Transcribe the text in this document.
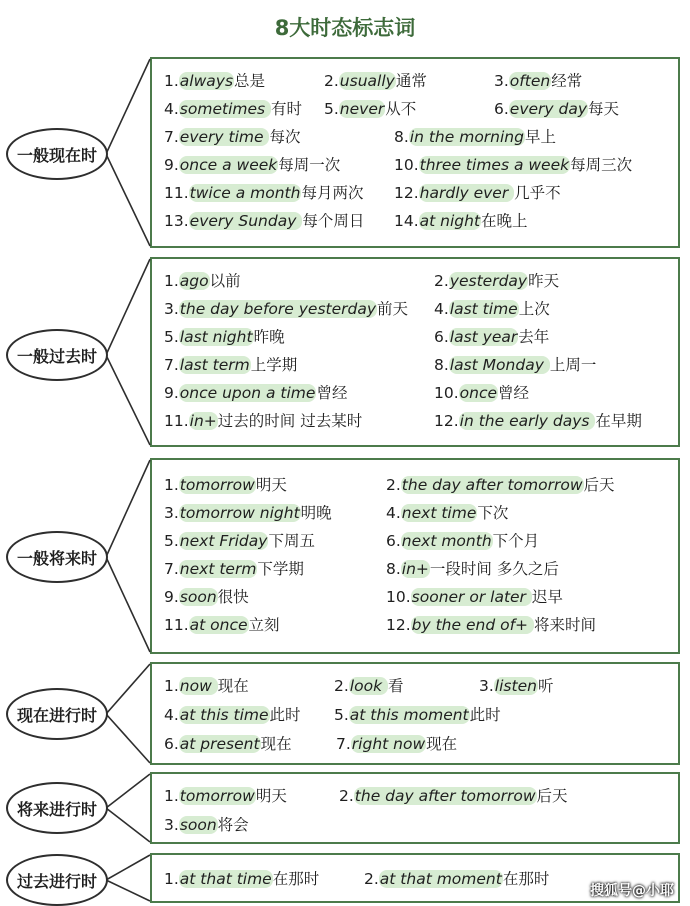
8大时态标志词
一般现在时
1.always总是	2.usually通常	3.often经常
4.sometimes 有时 5.never从不	6.every day每天
7.every time 每次	8.in the morning早上
9.once a week每周一次	10.three times a week每周三次
11.twice a month每月两次 12.hardly ever 几乎不
13.every Sunday 每个周日 14.at night在晚上
一般过去时
1.ago以前	2.yesterday昨天
3.the day before yesterday前天 4.last time上次
5.last night昨晚	6.last year去年
7.last term上学期	8.last Monday 上周一
9.once upon a time曾经	10.once曾经
11.in+过去的时间 过去某时	12.in the early days 在早期
一般将来时
1.tomorrow明天	2.the day after tomorrow后天
3.tomorrow night明晚	4.next time下次
5.next Friday下周五	6.next month下个月
7.next term下学期	8.in+一段时间 多久之后
9.soon很快	10.sooner or later 迟早
11.at once立刻	12.by the end of+ 将来时间
现在进行时
1.now 现在	2.look 看	3.listen听
4.at this time此时 5.at this moment此时
6.at present现在	7.right now现在
将来进行时
1.tomorrow明天	2.the day after tomorrow后天
3.soon将会
过去进行时	1.at that time在那时	2.at that moment在那时
搜狐号@小耶
